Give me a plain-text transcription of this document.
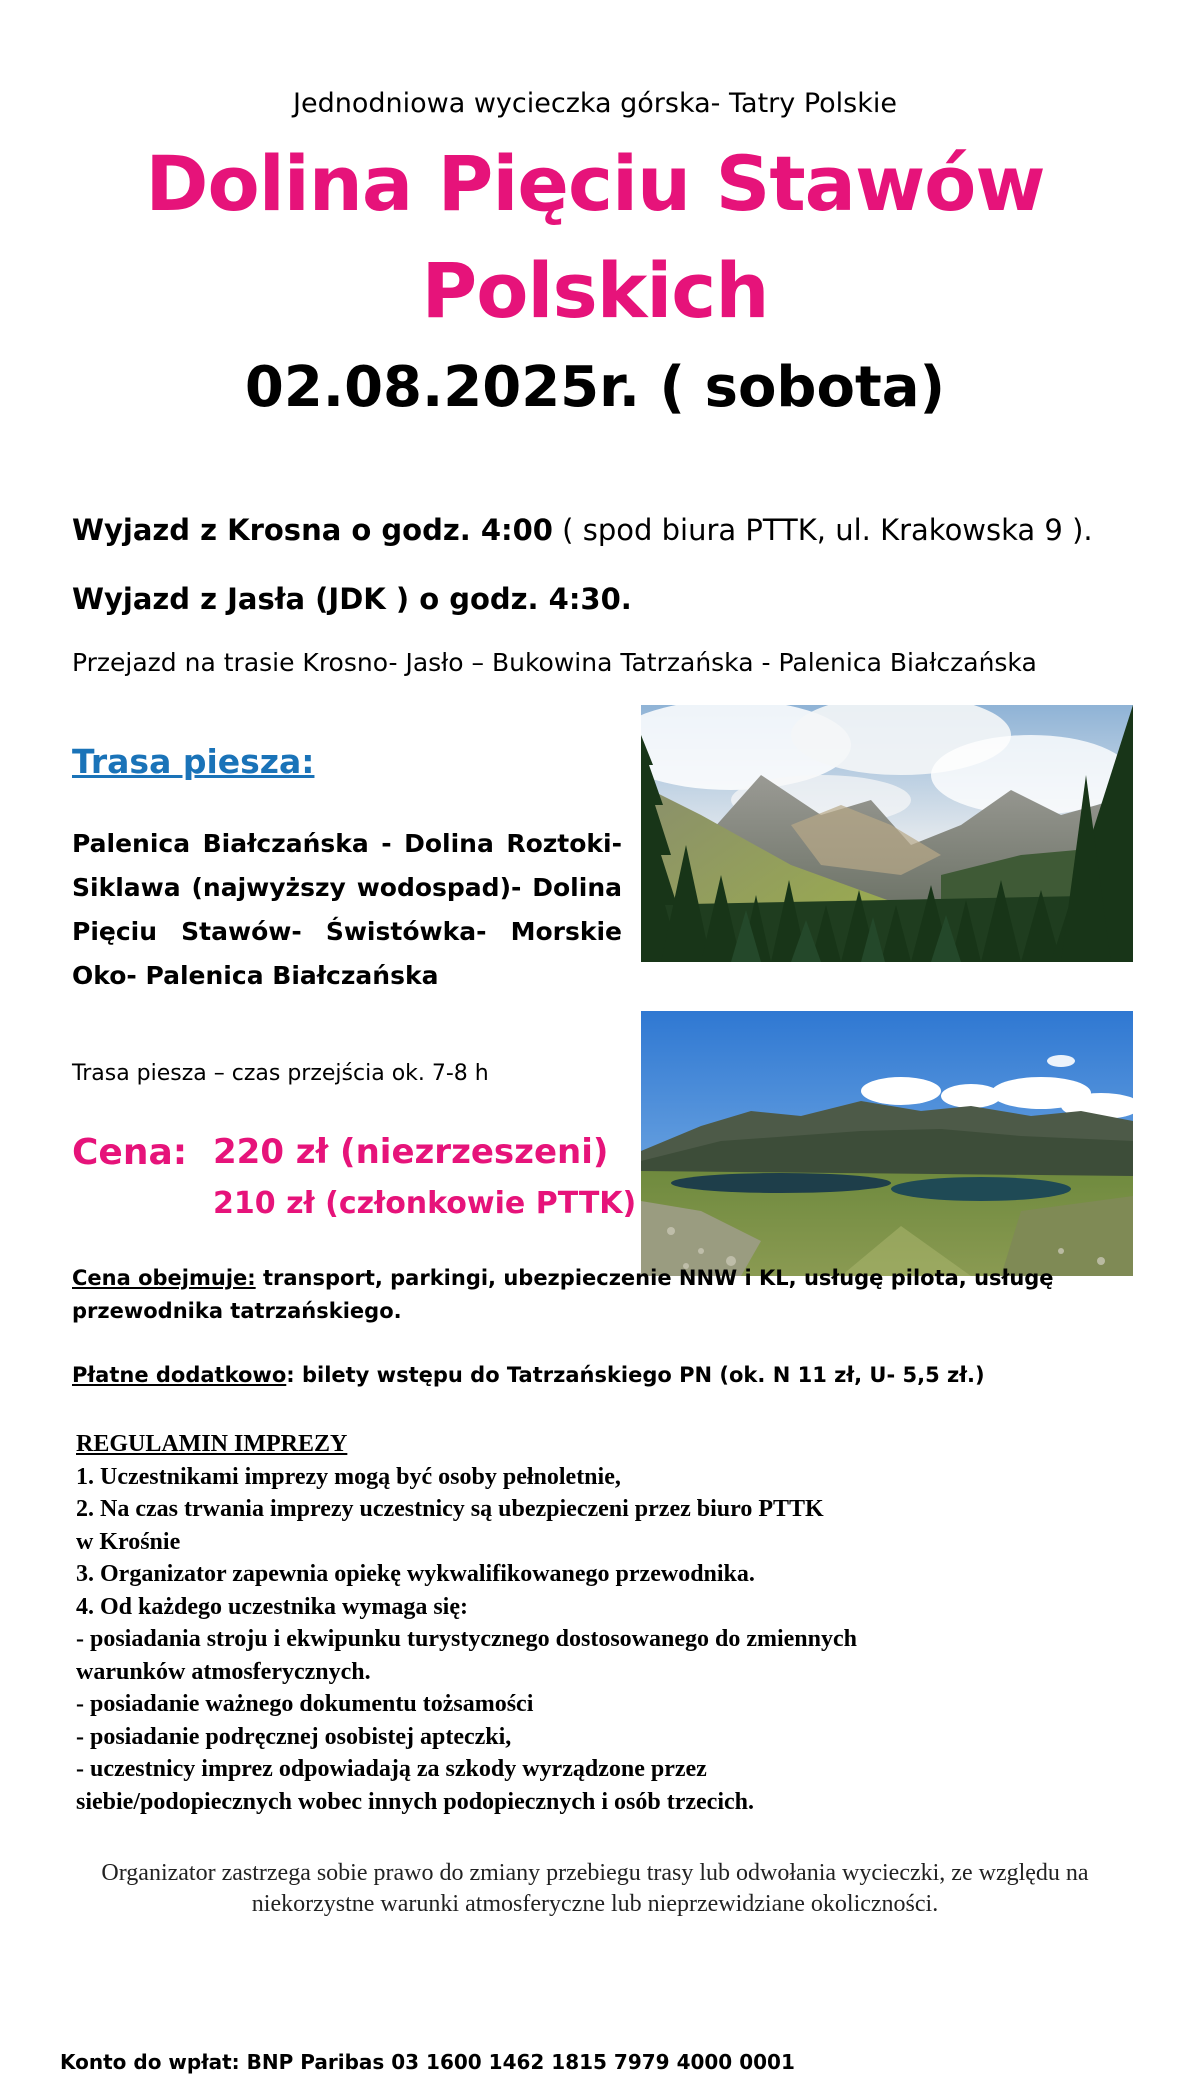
Jednodniowa wycieczka górska- Tatry Polskie
Dolina Pięciu Stawów
Polskich
02.08.2025r. ( sobota)
Wyjazd z Krosna o godz. 4:00 ( spod biura PTTK, ul. Krakowska 9 ).
Wyjazd z Jasła (JDK ) o godz. 4:30.
Przejazd na trasie Krosno- Jasło – Bukowina Tatrzańska - Palenica Białczańska
Trasa piesza:
Palenica Białczańska - Dolina Roztoki- Siklawa (najwyższy wodospad)- Dolina Pięciu Stawów- Świstówka- Morskie Oko- Palenica Białczańska
Trasa piesza – czas przejścia ok. 7-8 h
Cena: 220 zł (niezrzeszeni)
210 zł (członkowie PTTK)
Cena obejmuje: transport, parkingi, ubezpieczenie NNW i KL, usługę pilota, usługę przewodnika tatrzańskiego.
Płatne dodatkowo: bilety wstępu do Tatrzańskiego PN (ok. N 11 zł, U- 5,5 zł.)
REGULAMIN IMPREZY
1. Uczestnikami imprezy mogą być osoby pełnoletnie,
2. Na czas trwania imprezy uczestnicy są ubezpieczeni przez biuro PTTK
w Krośnie
3. Organizator zapewnia opiekę wykwalifikowanego przewodnika.
4. Od każdego uczestnika wymaga się:
- posiadania stroju i ekwipunku turystycznego dostosowanego do zmiennych
warunków atmosferycznych.
- posiadanie ważnego dokumentu tożsamości
- posiadanie podręcznej osobistej apteczki,
- uczestnicy imprez odpowiadają za szkody wyrządzone przez
siebie/podopiecznych wobec innych podopiecznych i osób trzecich.
Organizator zastrzega sobie prawo do zmiany przebiegu trasy lub odwołania wycieczki, ze względu na niekorzystne warunki atmosferyczne lub nieprzewidziane okoliczności.
Konto do wpłat: BNP Paribas 03 1600 1462 1815 7979 4000 0001
